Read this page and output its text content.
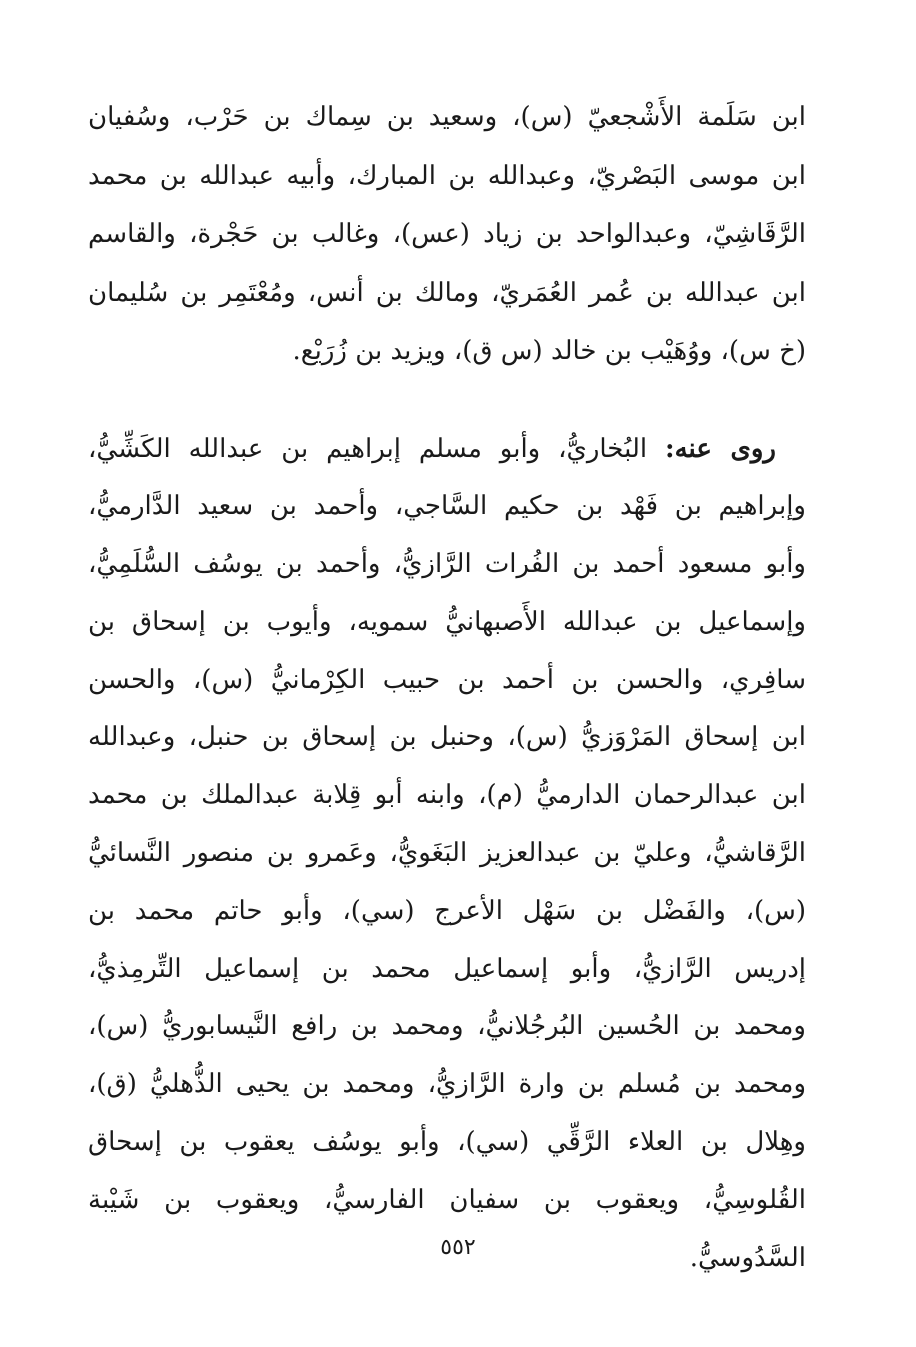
ابن سَلَمة الأَشْجعيّ (س)، وسعيد بن سِماك بن حَرْب، وسُفيان
ابن موسى البَصْريّ، وعبدالله بن المبارك، وأبيه عبدالله بن محمد
الرَّقَاشِيّ، وعبدالواحد بن زياد (عس)، وغالب بن حَجْرة، والقاسم
ابن عبدالله بن عُمر العُمَريّ، ومالك بن أنس، ومُعْتَمِر بن سُليمان
(خ س)، ووُهَيْب بن خالد (س ق)، ويزيد بن زُرَيْع.
روى عنه: البُخاريُّ، وأبو مسلم إبراهيم بن عبدالله الكَشِّيُّ،
وإبراهيم بن فَهْد بن حكيم السَّاجي، وأحمد بن سعيد الدَّارميُّ،
وأبو مسعود أحمد بن الفُرات الرَّازيُّ، وأحمد بن يوسُف السُّلَمِيُّ،
وإسماعيل بن عبدالله الأَصبهانيُّ سمويه، وأيوب بن إسحاق بن
سافِري، والحسن بن أحمد بن حبيب الكِرْمانيُّ (س)، والحسن
ابن إسحاق المَرْوَزيُّ (س)، وحنبل بن إسحاق بن حنبل، وعبدالله
ابن عبدالرحمان الدارميُّ (م)، وابنه أبو قِلابة عبدالملك بن محمد
الرَّقاشيُّ، وعليّ بن عبدالعزيز البَغَويُّ، وعَمرو بن منصور النَّسائيُّ
(س)، والفَضْل بن سَهْل الأعرج (سي)، وأبو حاتم محمد بن
إدريس الرَّازيُّ، وأبو إسماعيل محمد بن إسماعيل التِّرمِذيُّ،
ومحمد بن الحُسين البُرجُلانيُّ، ومحمد بن رافع النَّيسابوريُّ (س)،
ومحمد بن مُسلم بن وارة الرَّازيُّ، ومحمد بن يحيى الذُّهليُّ (ق)،
وهِلال بن العلاء الرَّقِّي (سي)، وأبو يوسُف يعقوب بن إسحاق
القُلوسِيُّ، ويعقوب بن سفيان الفارسيُّ، ويعقوب بن شَيْبة
السَّدُوسيُّ.
٥٥٢
